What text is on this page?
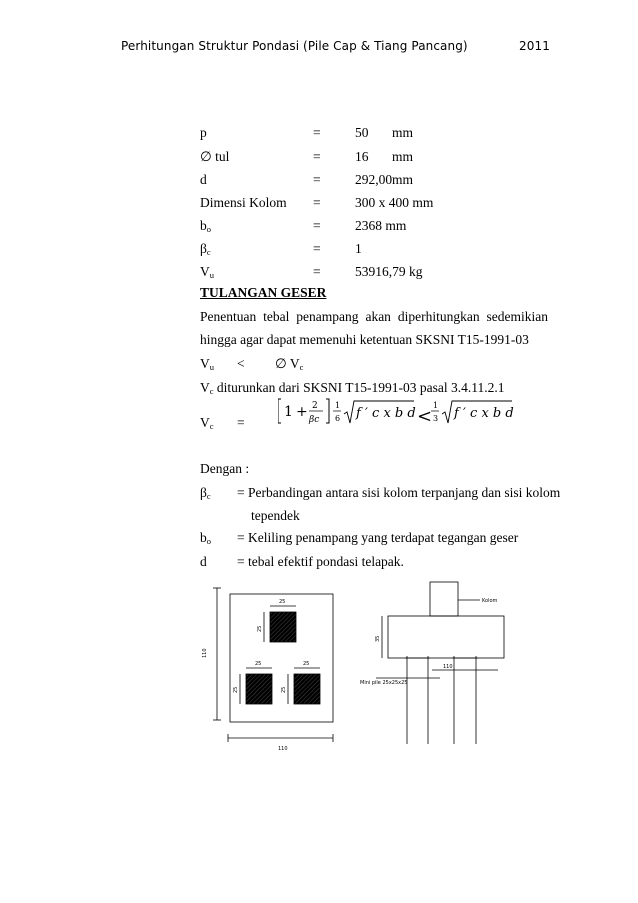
Perhitungan Struktur Pondasi (Pile Cap & Tiang Pancang)	2011
p	=	50 mm
∅ tul	=	16 mm
d	=	292,00 mm
Dimensi Kolom =	300 x 400 mm
$b_o$	=	2368 mm
$\beta_c$	=	1
$V_u$	=	53916,79 kg
TULANGAN GESER
Penentuan tebal penampang akan diperhitungkan sedemikian
hingga agar dapat memenuhi ketentuan SKSNI T15-1991-03
$V_u$ < ∅ $V_c$
$V_c$ diturunkan dari SKSNI T15-1991-03 pasal 3.4.11.2.1
$V_c$ =
1 + 2
βc
1
6 f ′ c x b d <
1
3 f ′ c x b d
Dengan :
$\beta_c$ = Perbandingan antara sisi kolom terpanjang dan sisi kolom
tependek
$b_o$ = Keliling penampang yang terdapat tegangan geser
d = tebal efektif pondasi telapak.
110
110
25
25
25
25
25
25
Kolom
Mini pile 25x25x25
35
110
